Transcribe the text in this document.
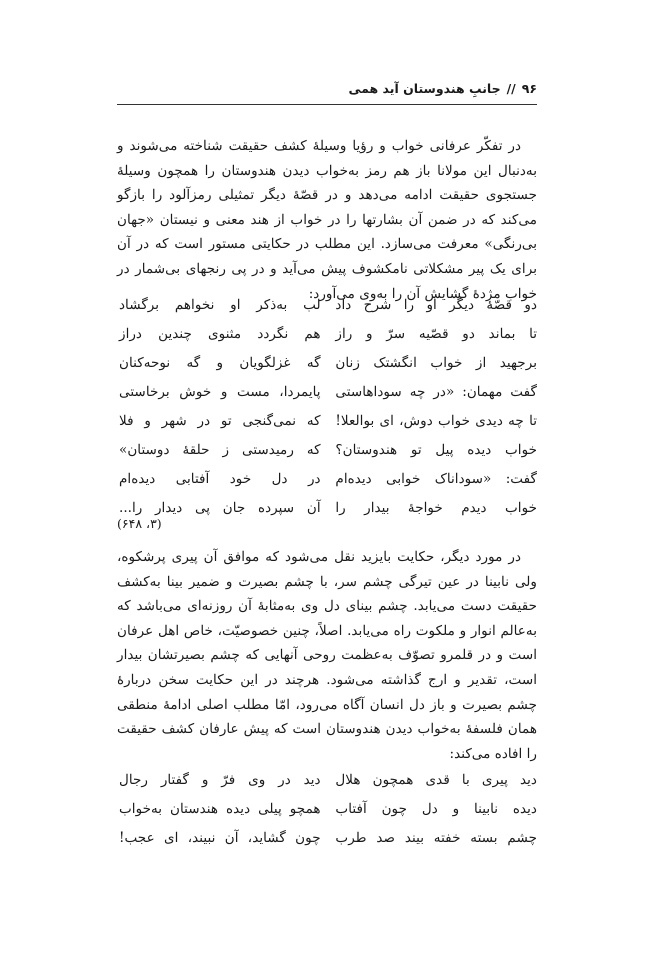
۹۶
//
جانبِ هندوستان آید همی

در تفکّر عرفانی خواب و رؤیا وسیلهٔ کشف حقیقت شناخته می‌شوند و به‌دنبال این مولانا باز هم رمز به‌خواب دیدن هندوستان را همچون وسیلهٔ جستجوی حقیقت ادامه می‌دهد و در قصّهٔ دیگر تمثیلی رمزآلود را بازگو می‌کند که در ضمن آن بشارتها را در خواب از هند معنی و نیستان «جهان بی‌رنگی» معرفت می‌سازد. این مطلب در حکایتی مستور است که در آن برای یک پیر مشکلاتی نامکشوف پیش می‌آید و در پی رنجهای بی‌شمار در خواب مژدهٔ گشایش آن را به‌وی می‌آورد:

دو قصّهٔ دیگر او را شرح داد
لب به‌ذکر او نخواهم برگشاد
تا بماند دو قصّیه سرّ و راز
هم نگردد مثنوی چندین دراز
برجهید از خواب انگشتک زنان
گه غزلگویان و گه نوحه‌کنان
گفت مهمان: «در چه سوداهاستی
پایمردا، مست و خوش برخاستی
تا چه دیدی خواب دوش، ای بوالعلا!
که نمی‌گنجی تو در شهر و فلا
خواب دیده پیل تو هندوستان؟
که رمیدستی ز حلقهٔ دوستان»
گفت: «سوداناک خوابی دیده‌ام
در دل خود آفتابی دیده‌ام
خواب دیدم خواجهٔ بیدار را
آن سپرده جان پی دیدار را...
(۳، ۶۴۸)

در مورد دیگر، حکایت بایزید نقل می‌شود که موافق آن پیری پرشکوه، ولی نابینا در عین تیرگی چشم سر، با چشم بصیرت و ضمیر بینا به‌کشف حقیقت دست می‌یابد. چشم بینای دل وی به‌مثابهٔ آن روزنه‌ای می‌باشد که به‌عالم انوار و ملکوت راه می‌یابد. اصلاً، چنین خصوصیّت، خاص اهل عرفان است و در قلمرو تصوّف به‌عظمت روحی آنهایی که چشم بصیرتشان بیدار است، تقدیر و ارج گذاشته می‌شود. هرچند در این حکایت سخن دربارهٔ چشم بصیرت و باز دل انسان آگاه می‌رود، امّا مطلب اصلی ادامهٔ منطقی همان فلسفهٔ به‌خواب دیدن هندوستان است که پیش عارفان کشف حقیقت را افاده می‌کند:

دید پیری با قدی همچون هلال
دید در وی فرّ و گفتار رجال
دیده نابینا و دل چون آفتاب
همچو پیلی دیده هندستان به‌خواب
چشم بسته خفته بیند صد طرب
چون گشاید، آن نبیند، ای عجب!
